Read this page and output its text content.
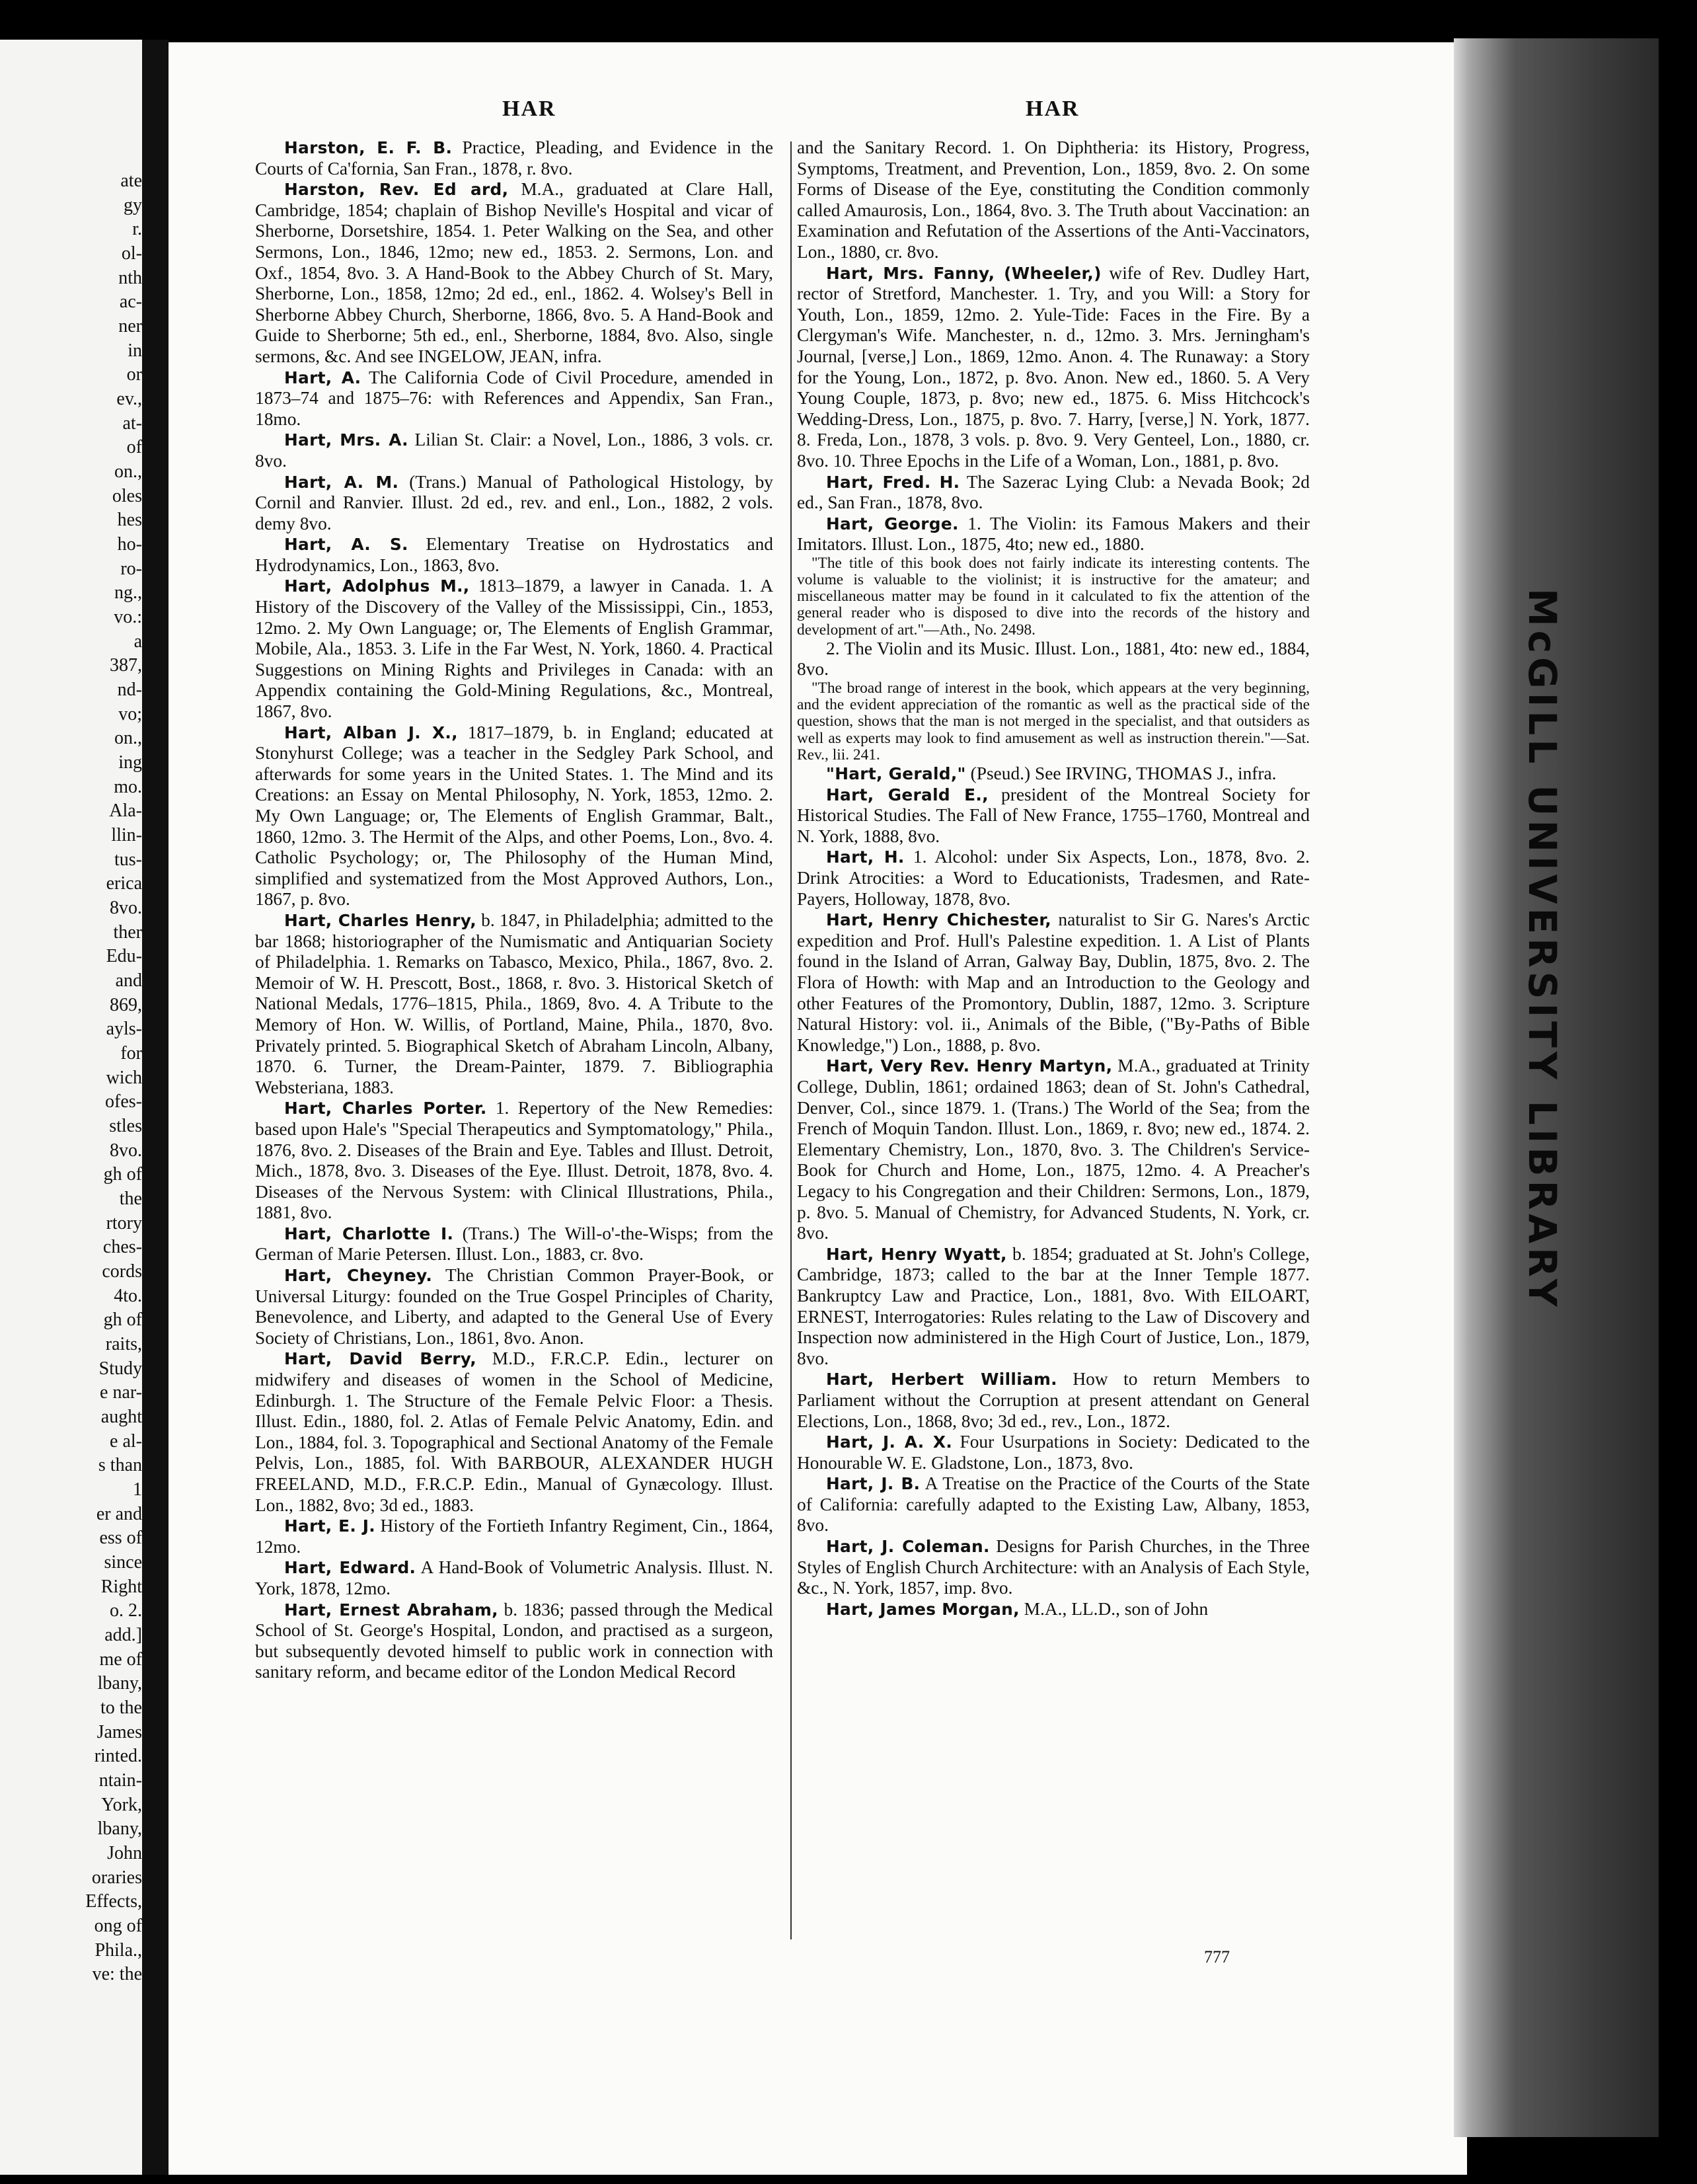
ate
gy
r.
ol-
nth
ac-
ner
in
or
ev.,
at-
of
on.,
oles
hes
ho-
ro-
ng.,
vo.:
a
387,
nd-
vo;
on.,
ing
mo.
Ala-
llin-
tus-
erica
8vo.
ther
Edu-
and
869,
ayls-
for
wich
ofes-
stles
8vo.
gh of
the
rtory
ches-
cords
4to.
gh of
raits,
Study
e nar-
aught
e al-
s than
1
er and
ess of
since
Right
o. 2.
add.]
me of
lbany,
to the
James
rinted.
ntain-
York,
lbany,
John
oraries
Effects,
ong of
Phila.,
ve: the
McGILL UNIVERSITY LIBRARY
HAR	HAR

Harston, E. F. B. Practice, Pleading, and Evidence in the Courts of Ca'fornia, San Fran., 1878, r. 8vo.

Harston, Rev. Ed ard, M.A., graduated at Clare Hall, Cambridge, 1854; chaplain of Bishop Neville's Hospital and vicar of Sherborne, Dorsetshire, 1854. 1. Peter Walking on the Sea, and other Sermons, Lon., 1846, 12mo; new ed., 1853. 2. Sermons, Lon. and Oxf., 1854, 8vo. 3. A Hand-Book to the Abbey Church of St. Mary, Sherborne, Lon., 1858, 12mo; 2d ed., enl., 1862. 4. Wolsey's Bell in Sherborne Abbey Church, Sherborne, 1866, 8vo. 5. A Hand-Book and Guide to Sherborne; 5th ed., enl., Sherborne, 1884, 8vo. Also, single sermons, &c. And see INGELOW, JEAN, infra.

Hart, A. The California Code of Civil Procedure, amended in 1873–74 and 1875–76: with References and Appendix, San Fran., 18mo.

Hart, Mrs. A. Lilian St. Clair: a Novel, Lon., 1886, 3 vols. cr. 8vo.

Hart, A. M. (Trans.) Manual of Pathological Histology, by Cornil and Ranvier. Illust. 2d ed., rev. and enl., Lon., 1882, 2 vols. demy 8vo.

Hart, A. S. Elementary Treatise on Hydrostatics and Hydrodynamics, Lon., 1863, 8vo.

Hart, Adolphus M., 1813–1879, a lawyer in Canada. 1. A History of the Discovery of the Valley of the Mississippi, Cin., 1853, 12mo. 2. My Own Language; or, The Elements of English Grammar, Mobile, Ala., 1853. 3. Life in the Far West, N. York, 1860. 4. Practical Suggestions on Mining Rights and Privileges in Canada: with an Appendix containing the Gold-Mining Regulations, &c., Montreal, 1867, 8vo.

Hart, Alban J. X., 1817–1879, b. in England; educated at Stonyhurst College; was a teacher in the Sedgley Park School, and afterwards for some years in the United States. 1. The Mind and its Creations: an Essay on Mental Philosophy, N. York, 1853, 12mo. 2. My Own Language; or, The Elements of English Grammar, Balt., 1860, 12mo. 3. The Hermit of the Alps, and other Poems, Lon., 8vo. 4. Catholic Psychology; or, The Philosophy of the Human Mind, simplified and systematized from the Most Approved Authors, Lon., 1867, p. 8vo.

Hart, Charles Henry, b. 1847, in Philadelphia; admitted to the bar 1868; historiographer of the Numismatic and Antiquarian Society of Philadelphia. 1. Remarks on Tabasco, Mexico, Phila., 1867, 8vo. 2. Memoir of W. H. Prescott, Bost., 1868, r. 8vo. 3. Historical Sketch of National Medals, 1776–1815, Phila., 1869, 8vo. 4. A Tribute to the Memory of Hon. W. Willis, of Portland, Maine, Phila., 1870, 8vo. Privately printed. 5. Biographical Sketch of Abraham Lincoln, Albany, 1870. 6. Turner, the Dream-Painter, 1879. 7. Bibliographia Websteriana, 1883.

Hart, Charles Porter. 1. Repertory of the New Remedies: based upon Hale's "Special Therapeutics and Symptomatology," Phila., 1876, 8vo. 2. Diseases of the Brain and Eye. Tables and Illust. Detroit, Mich., 1878, 8vo. 3. Diseases of the Eye. Illust. Detroit, 1878, 8vo. 4. Diseases of the Nervous System: with Clinical Illustrations, Phila., 1881, 8vo.

Hart, Charlotte I. (Trans.) The Will-o'-the-Wisps; from the German of Marie Petersen. Illust. Lon., 1883, cr. 8vo.

Hart, Cheyney. The Christian Common Prayer-Book, or Universal Liturgy: founded on the True Gospel Principles of Charity, Benevolence, and Liberty, and adapted to the General Use of Every Society of Christians, Lon., 1861, 8vo. Anon.

Hart, David Berry, M.D., F.R.C.P. Edin., lecturer on midwifery and diseases of women in the School of Medicine, Edinburgh. 1. The Structure of the Female Pelvic Floor: a Thesis. Illust. Edin., 1880, fol. 2. Atlas of Female Pelvic Anatomy, Edin. and Lon., 1884, fol. 3. Topographical and Sectional Anatomy of the Female Pelvis, Lon., 1885, fol. With BARBOUR, ALEXANDER HUGH FREELAND, M.D., F.R.C.P. Edin., Manual of Gynæcology. Illust. Lon., 1882, 8vo; 3d ed., 1883.

Hart, E. J. History of the Fortieth Infantry Regiment, Cin., 1864, 12mo.

Hart, Edward. A Hand-Book of Volumetric Analysis. Illust. N. York, 1878, 12mo.

Hart, Ernest Abraham, b. 1836; passed through the Medical School of St. George's Hospital, London, and practised as a surgeon, but subsequently devoted himself to public work in connection with sanitary reform, and became editor of the London Medical Record

and the Sanitary Record. 1. On Diphtheria: its History, Progress, Symptoms, Treatment, and Prevention, Lon., 1859, 8vo. 2. On some Forms of Disease of the Eye, constituting the Condition commonly called Amaurosis, Lon., 1864, 8vo. 3. The Truth about Vaccination: an Examination and Refutation of the Assertions of the Anti-Vaccinators, Lon., 1880, cr. 8vo.

Hart, Mrs. Fanny, (Wheeler,) wife of Rev. Dudley Hart, rector of Stretford, Manchester. 1. Try, and you Will: a Story for Youth, Lon., 1859, 12mo. 2. Yule-Tide: Faces in the Fire. By a Clergyman's Wife. Manchester, n. d., 12mo. 3. Mrs. Jerningham's Journal, [verse,] Lon., 1869, 12mo. Anon. 4. The Runaway: a Story for the Young, Lon., 1872, p. 8vo. Anon. New ed., 1860. 5. A Very Young Couple, 1873, p. 8vo; new ed., 1875. 6. Miss Hitchcock's Wedding-Dress, Lon., 1875, p. 8vo. 7. Harry, [verse,] N. York, 1877. 8. Freda, Lon., 1878, 3 vols. p. 8vo. 9. Very Genteel, Lon., 1880, cr. 8vo. 10. Three Epochs in the Life of a Woman, Lon., 1881, p. 8vo.

Hart, Fred. H. The Sazerac Lying Club: a Nevada Book; 2d ed., San Fran., 1878, 8vo.

Hart, George. 1. The Violin: its Famous Makers and their Imitators. Illust. Lon., 1875, 4to; new ed., 1880.

"The title of this book does not fairly indicate its interesting contents. The volume is valuable to the violinist; it is instructive for the amateur; and miscellaneous matter may be found in it calculated to fix the attention of the general reader who is disposed to dive into the records of the history and development of art."—Ath., No. 2498.

2. The Violin and its Music. Illust. Lon., 1881, 4to: new ed., 1884, 8vo.

"The broad range of interest in the book, which appears at the very beginning, and the evident appreciation of the romantic as well as the practical side of the question, shows that the man is not merged in the specialist, and that outsiders as well as experts may look to find amusement as well as instruction therein."—Sat. Rev., lii. 241.

"Hart, Gerald," (Pseud.) See IRVING, THOMAS J., infra.

Hart, Gerald E., president of the Montreal Society for Historical Studies. The Fall of New France, 1755–1760, Montreal and N. York, 1888, 8vo.

Hart, H. 1. Alcohol: under Six Aspects, Lon., 1878, 8vo. 2. Drink Atrocities: a Word to Educationists, Tradesmen, and Rate-Payers, Holloway, 1878, 8vo.

Hart, Henry Chichester, naturalist to Sir G. Nares's Arctic expedition and Prof. Hull's Palestine expedition. 1. A List of Plants found in the Island of Arran, Galway Bay, Dublin, 1875, 8vo. 2. The Flora of Howth: with Map and an Introduction to the Geology and other Features of the Promontory, Dublin, 1887, 12mo. 3. Scripture Natural History: vol. ii., Animals of the Bible, ("By-Paths of Bible Knowledge,") Lon., 1888, p. 8vo.

Hart, Very Rev. Henry Martyn, M.A., graduated at Trinity College, Dublin, 1861; ordained 1863; dean of St. John's Cathedral, Denver, Col., since 1879. 1. (Trans.) The World of the Sea; from the French of Moquin Tandon. Illust. Lon., 1869, r. 8vo; new ed., 1874. 2. Elementary Chemistry, Lon., 1870, 8vo. 3. The Children's Service-Book for Church and Home, Lon., 1875, 12mo. 4. A Preacher's Legacy to his Congregation and their Children: Sermons, Lon., 1879, p. 8vo. 5. Manual of Chemistry, for Advanced Students, N. York, cr. 8vo.

Hart, Henry Wyatt, b. 1854; graduated at St. John's College, Cambridge, 1873; called to the bar at the Inner Temple 1877. Bankruptcy Law and Practice, Lon., 1881, 8vo. With EILOART, ERNEST, Interrogatories: Rules relating to the Law of Discovery and Inspection now administered in the High Court of Justice, Lon., 1879, 8vo.

Hart, Herbert William. How to return Members to Parliament without the Corruption at present attendant on General Elections, Lon., 1868, 8vo; 3d ed., rev., Lon., 1872.

Hart, J. A. X. Four Usurpations in Society: Dedicated to the Honourable W. E. Gladstone, Lon., 1873, 8vo.

Hart, J. B. A Treatise on the Practice of the Courts of the State of California: carefully adapted to the Existing Law, Albany, 1853, 8vo.

Hart, J. Coleman. Designs for Parish Churches, in the Three Styles of English Church Architecture: with an Analysis of Each Style, &c., N. York, 1857, imp. 8vo.

Hart, James Morgan, M.A., LL.D., son of John

777
